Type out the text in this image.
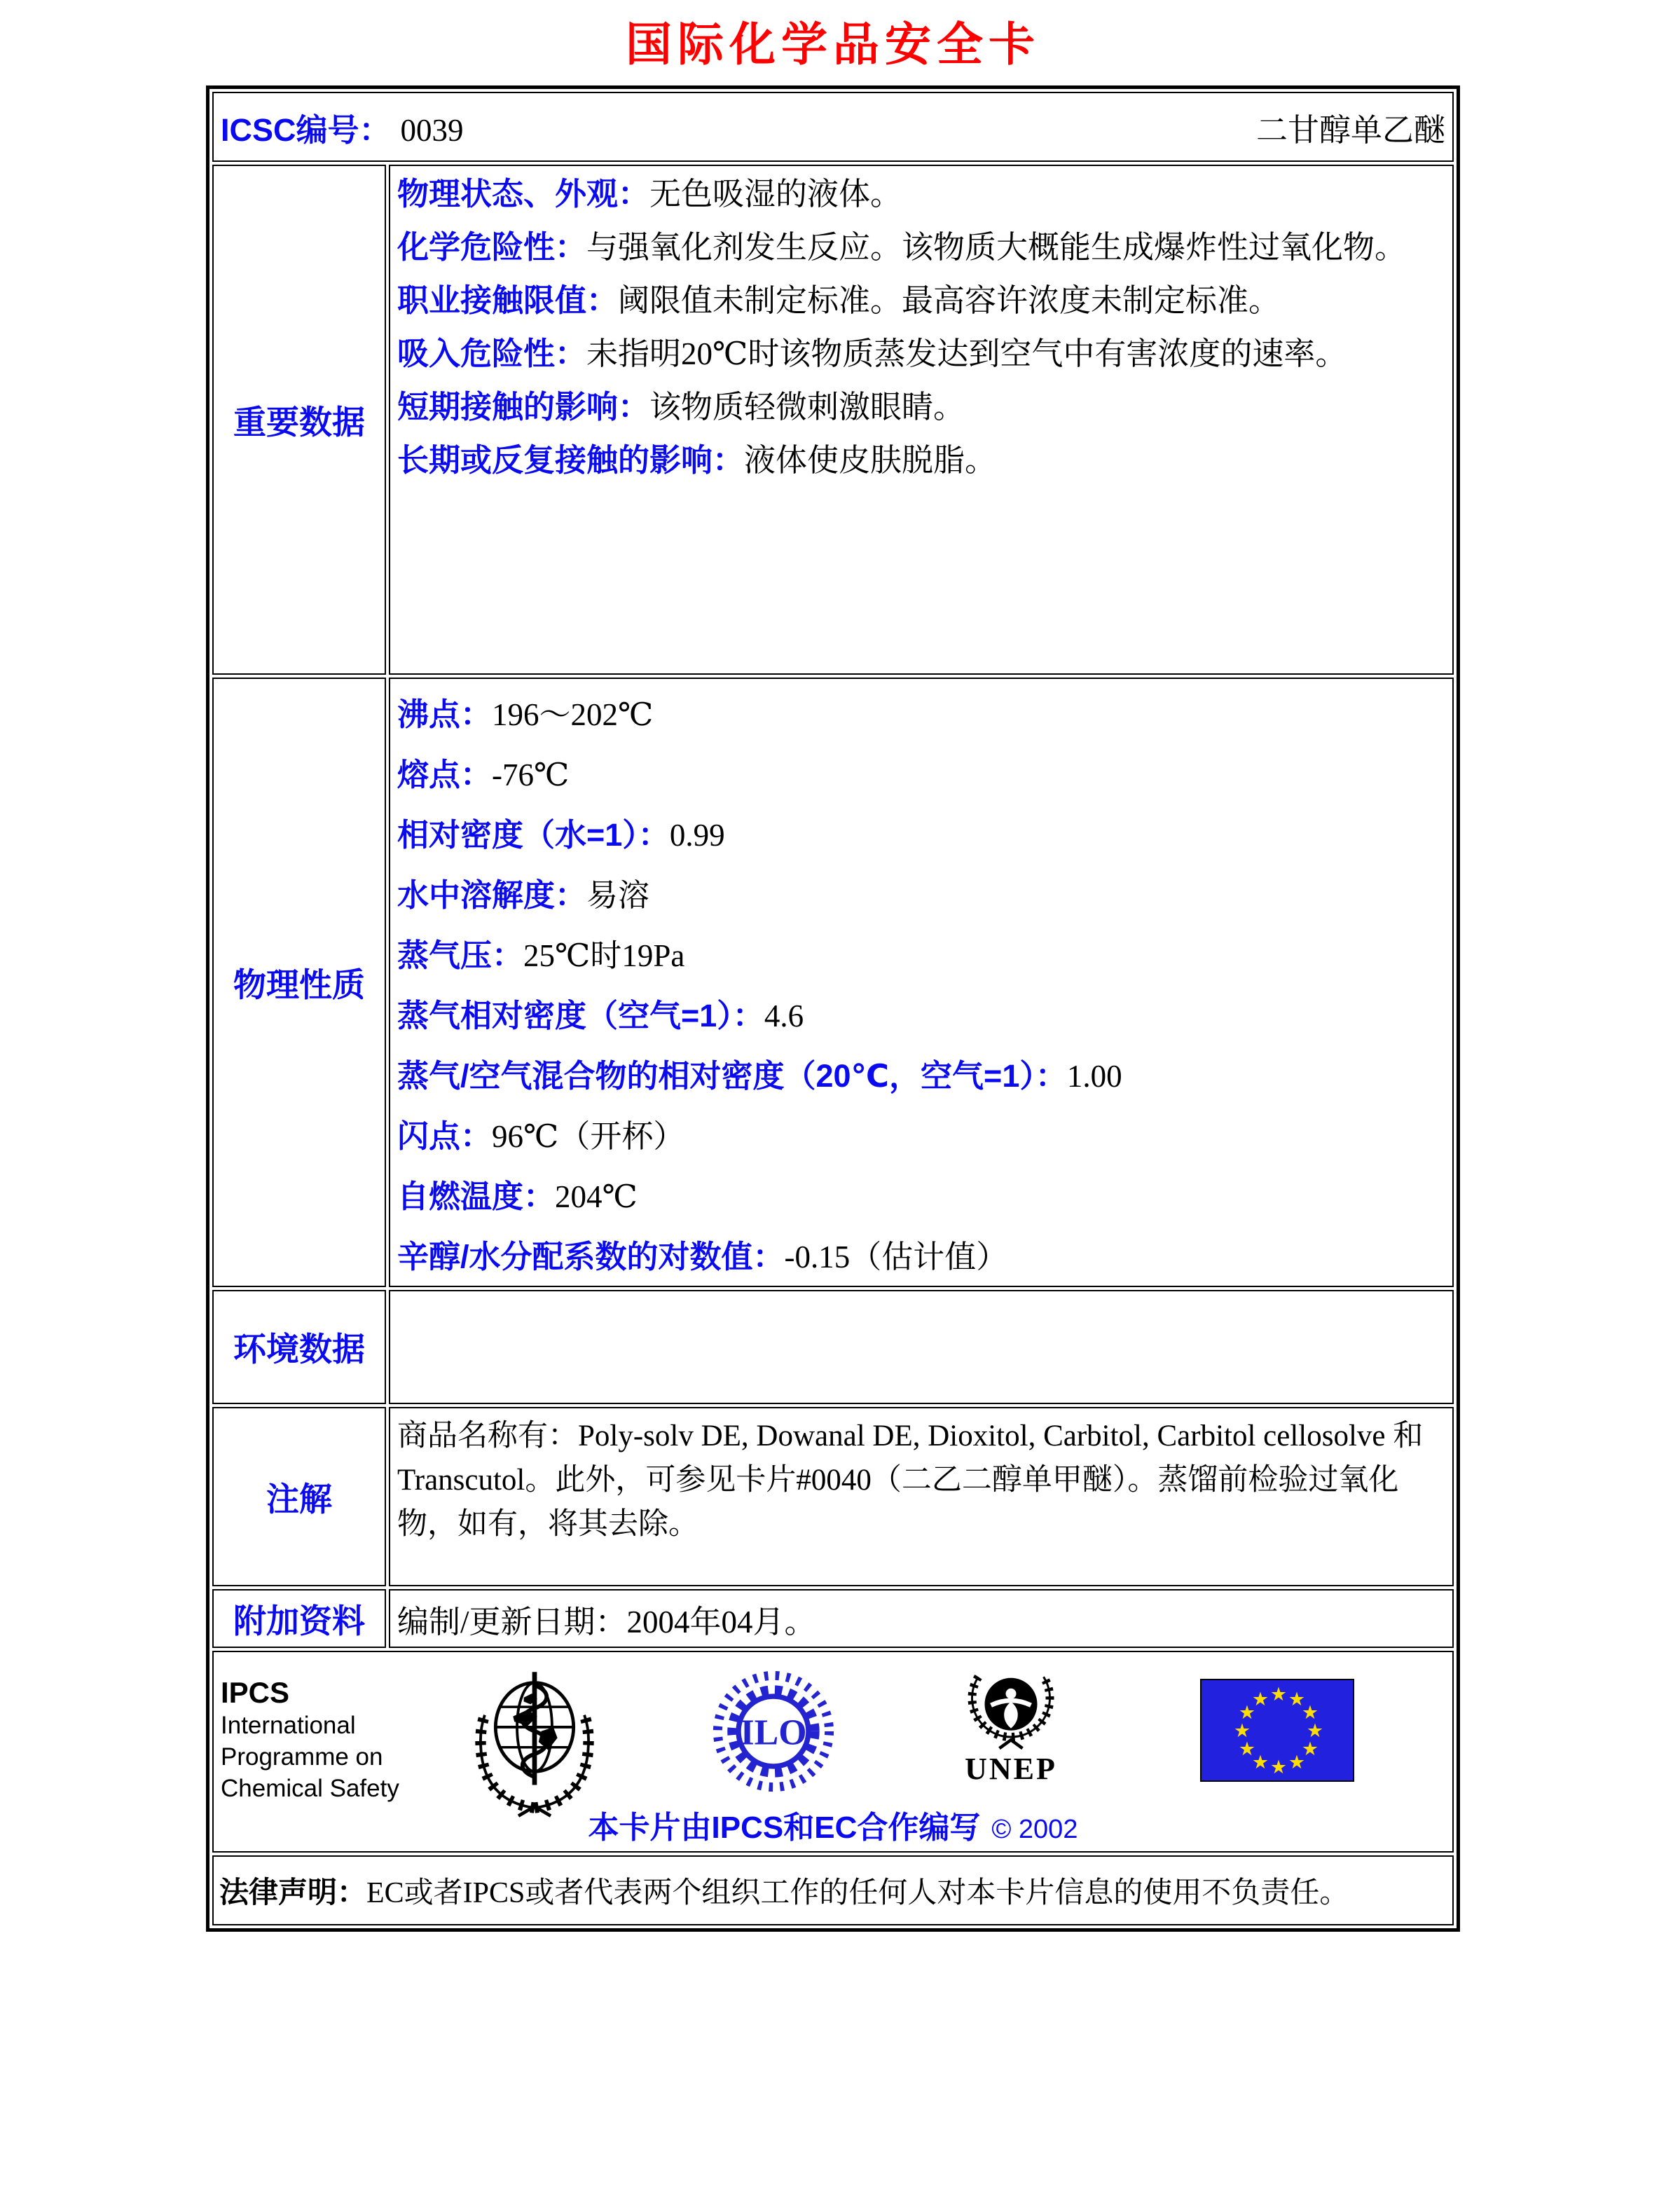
国际化学品安全卡
ICSC编号： 0039	二甘醇单乙醚
重要数据
物理状态、外观：无色吸湿的液体。
化学危险性：与强氧化剂发生反应。该物质大概能生成爆炸性过氧化物。
职业接触限值：阈限值未制定标准。最高容许浓度未制定标准。
吸入危险性：未指明20℃时该物质蒸发达到空气中有害浓度的速率。
短期接触的影响：该物质轻微刺激眼睛。
长期或反复接触的影响：液体使皮肤脱脂。
物理性质
沸点：196～202℃
熔点：-76℃
相对密度（水=1）：0.99
水中溶解度：易溶
蒸气压：25℃时19Pa
蒸气相对密度（空气=1）：4.6
蒸气/空气混合物的相对密度（20℃，空气=1）：1.00
闪点：96℃（开杯）
自燃温度：204℃
辛醇/水分配系数的对数值：-0.15（估计值）
环境数据
注解
商品名称有：Poly-solv DE, Dowanal DE, Dioxitol, Carbitol, Carbitol cellosolve 和 Transcutol。此外，可参见卡片#0040（二乙二醇单甲醚）。蒸馏前检验过氧化物，如有，将其去除。
附加资料 编制/更新日期：2004年04月。
IPCS
International
Programme on
Chemical Safety
ILO
UNEP
本卡片由IPCS和EC合作编写 © 2002
法律声明： EC或者IPCS或者代表两个组织工作的任何人对本卡片信息的使用不负责任。
